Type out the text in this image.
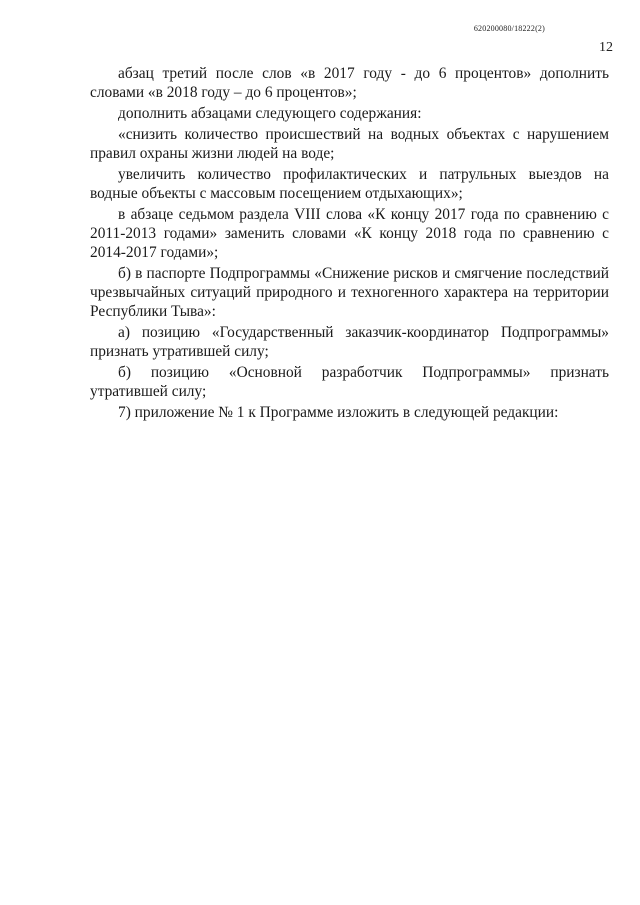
620200080/18222(2)
12

абзац третий после слов «в 2017 году - до 6 процентов» дополнить словами «в 2018 году – до 6 процентов»;

дополнить абзацами следующего содержания:

«снизить количество происшествий на водных объектах с нарушением правил охраны жизни людей на воде;

увеличить количество профилактических и патрульных выездов на водные объекты с массовым посещением отдыхающих»;

в абзаце седьмом раздела VIII слова «К концу 2017 года по сравнению с 2011-2013 годами» заменить словами «К концу 2018 года по сравнению с 2014-2017 годами»;

б) в паспорте Подпрограммы «Снижение рисков и смягчение последствий чрезвычайных ситуаций природного и техногенного характера на территории Республики Тыва»:

а) позицию «Государственный заказчик-координатор Подпрограммы» признать утратившей силу;

б) позицию «Основной разработчик Подпрограммы» признать утратившей силу;

7) приложение № 1 к Программе изложить в следующей редакции:
